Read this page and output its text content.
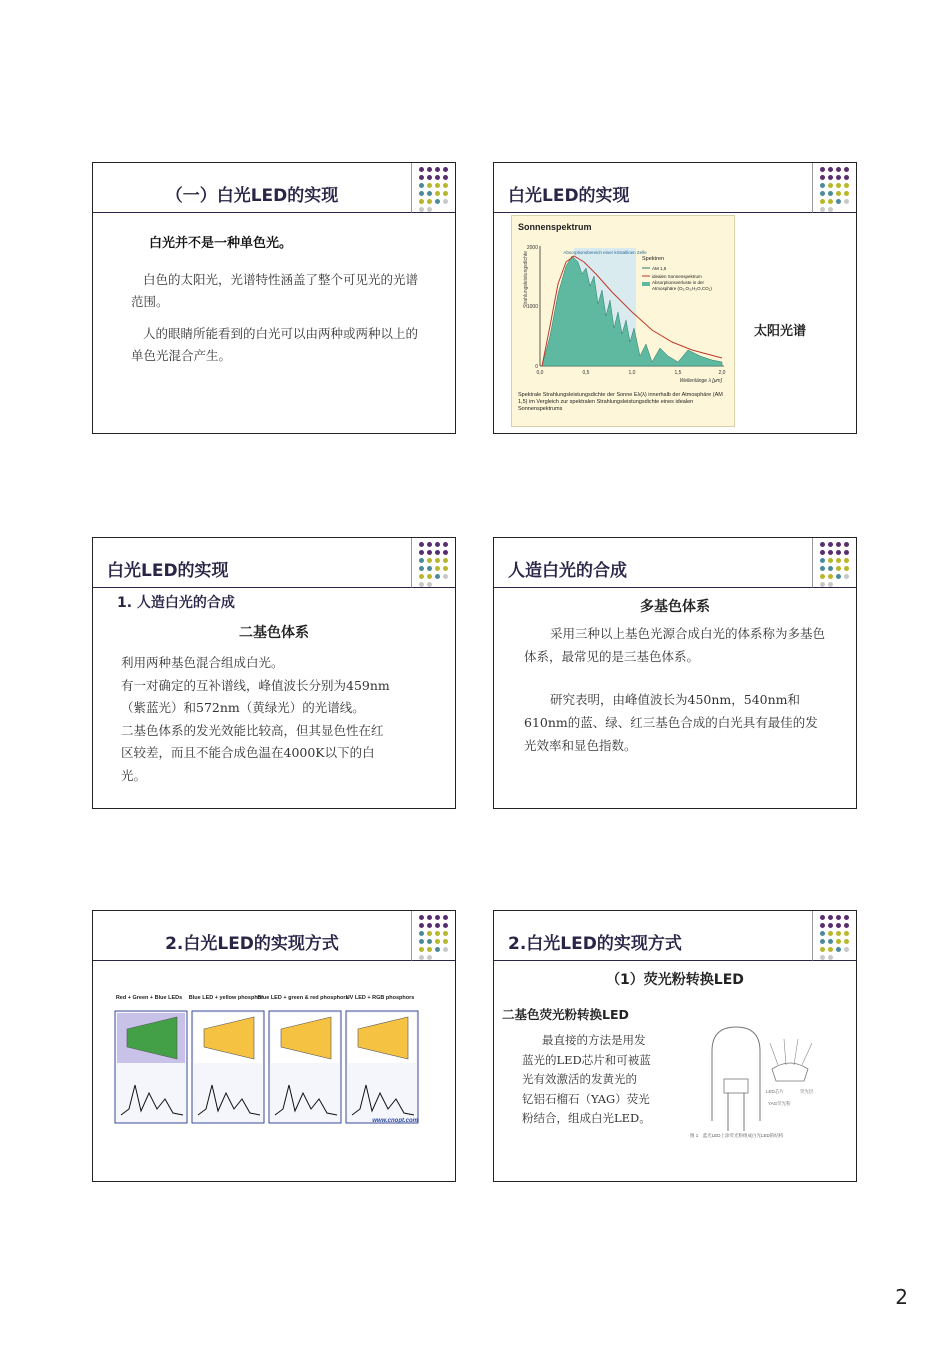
（一）白光LED的实现
白光并不是一种单色光。
白色的太阳光，光谱特性涵盖了整个可见光的光谱范围。
人的眼睛所能看到的白光可以由两种或两种以上的单色光混合产生。
白光LED的实现
Sonnenspektrum
Strahlungsleistungsdichte
2000
1000
0
0,0	0,5	1,0	1,5	2,0
Wellenlänge λ [μm]
Absorptionsbereich einer kristallinen Zelle
Spektren
AM 1,5
idealen Sonnenspektrum
Absorptionsverluste in der Atmosphäre (O₂,O₃,H₂O,CO₂)
Spektrale Strahlungsleistungsdichte der Sonne Eλ(λ) innerhalb der Atmosphäre (AM 1,5) im Vergleich zur spektralen Strahlungsleistungsdichte eines idealen Sonnenspektrums
太阳光谱
白光LED的实现
1. 人造白光的合成
二基色体系
利用两种基色混合组成白光。
有一对确定的互补谱线，峰值波长分别为459nm
（紫蓝光）和572nm（黄绿光）的光谱线。
二基色体系的发光效能比较高，但其显色性在红
区较差，而且不能合成色温在4000K以下的白
光。
人造白光的合成
多基色体系
采用三种以上基色光源合成白光的体系称为多基色体系，最常见的是三基色体系。
研究表明，由峰值波长为450nm，540nm和610nm的蓝、绿、红三基色合成的白光具有最佳的发光效率和显色指数。
2.白光LED的实现方式
Red + Green + Blue LEDs Blue LED + yellow phosphor
Blue LED + green & red phosphors
UV LED + RGB phosphors
www.cnopt.com
2.白光LED的实现方式
（1）荧光粉转换LED
二基色荧光粉转换LED
最直接的方法是用发
蓝光的LED芯片和可被蓝
光有效激活的发黄光的
钇铝石榴石（YAG）荧光
粉结合，组成白光LED。
LED芯片	荧光层
YAG荧光粉
图 1　蓝光LED上涂荧光粉组成白光LED的结构
2
